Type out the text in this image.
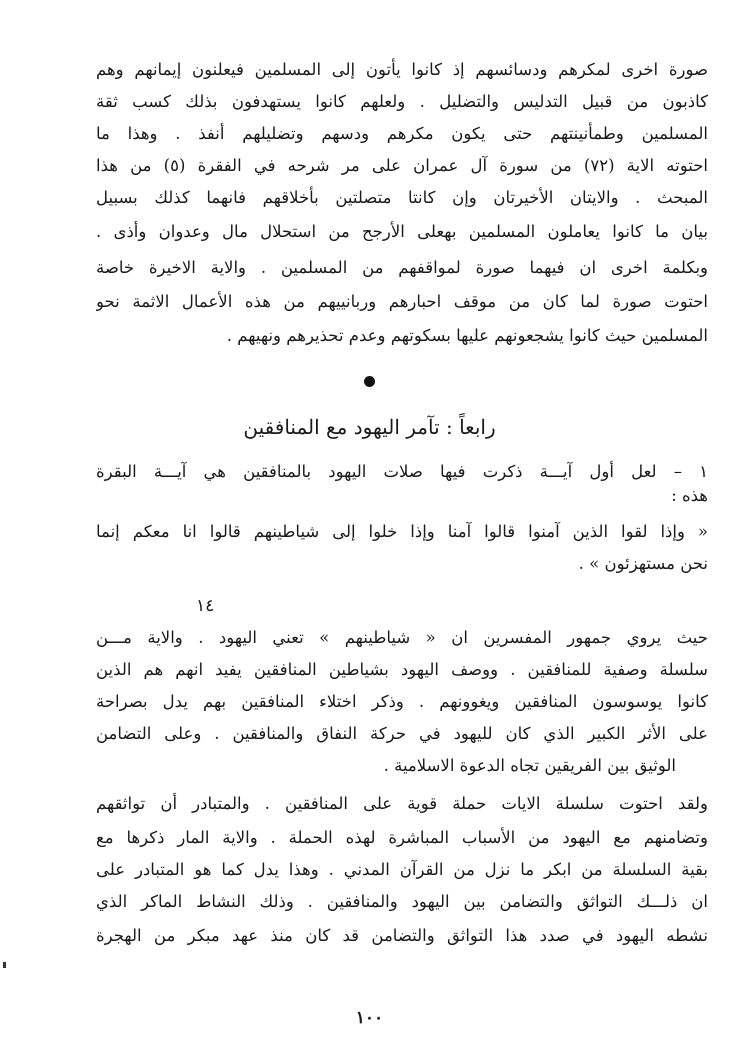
صورة اخرى لمكرهم ودسائسهم إذ كانوا يأتون إلى المسلمين فيعلنون إيمانهم وهم
كاذبون من قبيل التدليس والتضليل . ولعلهم كانوا يستهدفون بذلك كسب ثقة
المسلمين وطمأنينتهم حتى يكون مكرهم ودسهم وتضليلهم أنفذ . وهذا ما
احتوته الاية (٧٢) من سورة آل عمران على مر شرحه في الفقرة (٥) من هذا
المبحث . والايتان الأخيرتان وإن كانتا متصلتين بأخلاقهم فانهما كذلك بسبيل
بيان ما كانوا يعاملون المسلمين بهعلى الأرجح من استحلال مال وعدوان وأذى .
وبكلمة اخرى ان فيهما صورة لمواقفهم من المسلمين . والاية الاخيرة خاصة
احتوت صورة لما كان من موقف احبارهم وربانييهم من هذه الأعمال الاثمة نحو
المسلمين حيث كانوا يشجعونهم عليها بسكوتهم وعدم تحذيرهم ونهيهم .
رابعاً : تآمر اليهود مع المنافقين
١ – لعل أول آيـــة ذكرت فيها صلات اليهود بالمنافقين هي آيـــة البقرة
هذه :
« وإذا لقوا الذين آمنوا قالوا آمنا وإذا خلوا إلى شياطينهم قالوا انا معكم إنما
نحن مستهزئون » .
١٤
حيث يروي جمهور المفسرين ان « شياطينهم » تعني اليهود . والاية مـــن
سلسلة وصفية للمنافقين . ووصف اليهود بشياطين المنافقين يفيد انهم هم الذين
كانوا يوسوسون المنافقين ويغوونهم . وذكر اختلاء المنافقين بهم يدل بصراحة
على الأثر الكبير الذي كان لليهود في حركة النفاق والمنافقين . وعلى التضامن
الوثيق بين الفريقين تجاه الدعوة الاسلامية .
ولقد احتوت سلسلة الايات حملة قوية على المنافقين . والمتبادر أن تواثقهم
وتضامنهم مع اليهود من الأسباب المباشرة لهذه الحملة . والاية المار ذكرها مع
بقية السلسلة من ابكر ما نزل من القرآن المدني . وهذا يدل كما هو المتبادر على
ان ذلـــك التواثق والتضامن بين اليهود والمنافقين . وذلك النشاط الماكر الذي
نشطه اليهود في صدد هذا التواثق والتضامن قد كان منذ عهد مبكر من الهجرة
١٠٠
